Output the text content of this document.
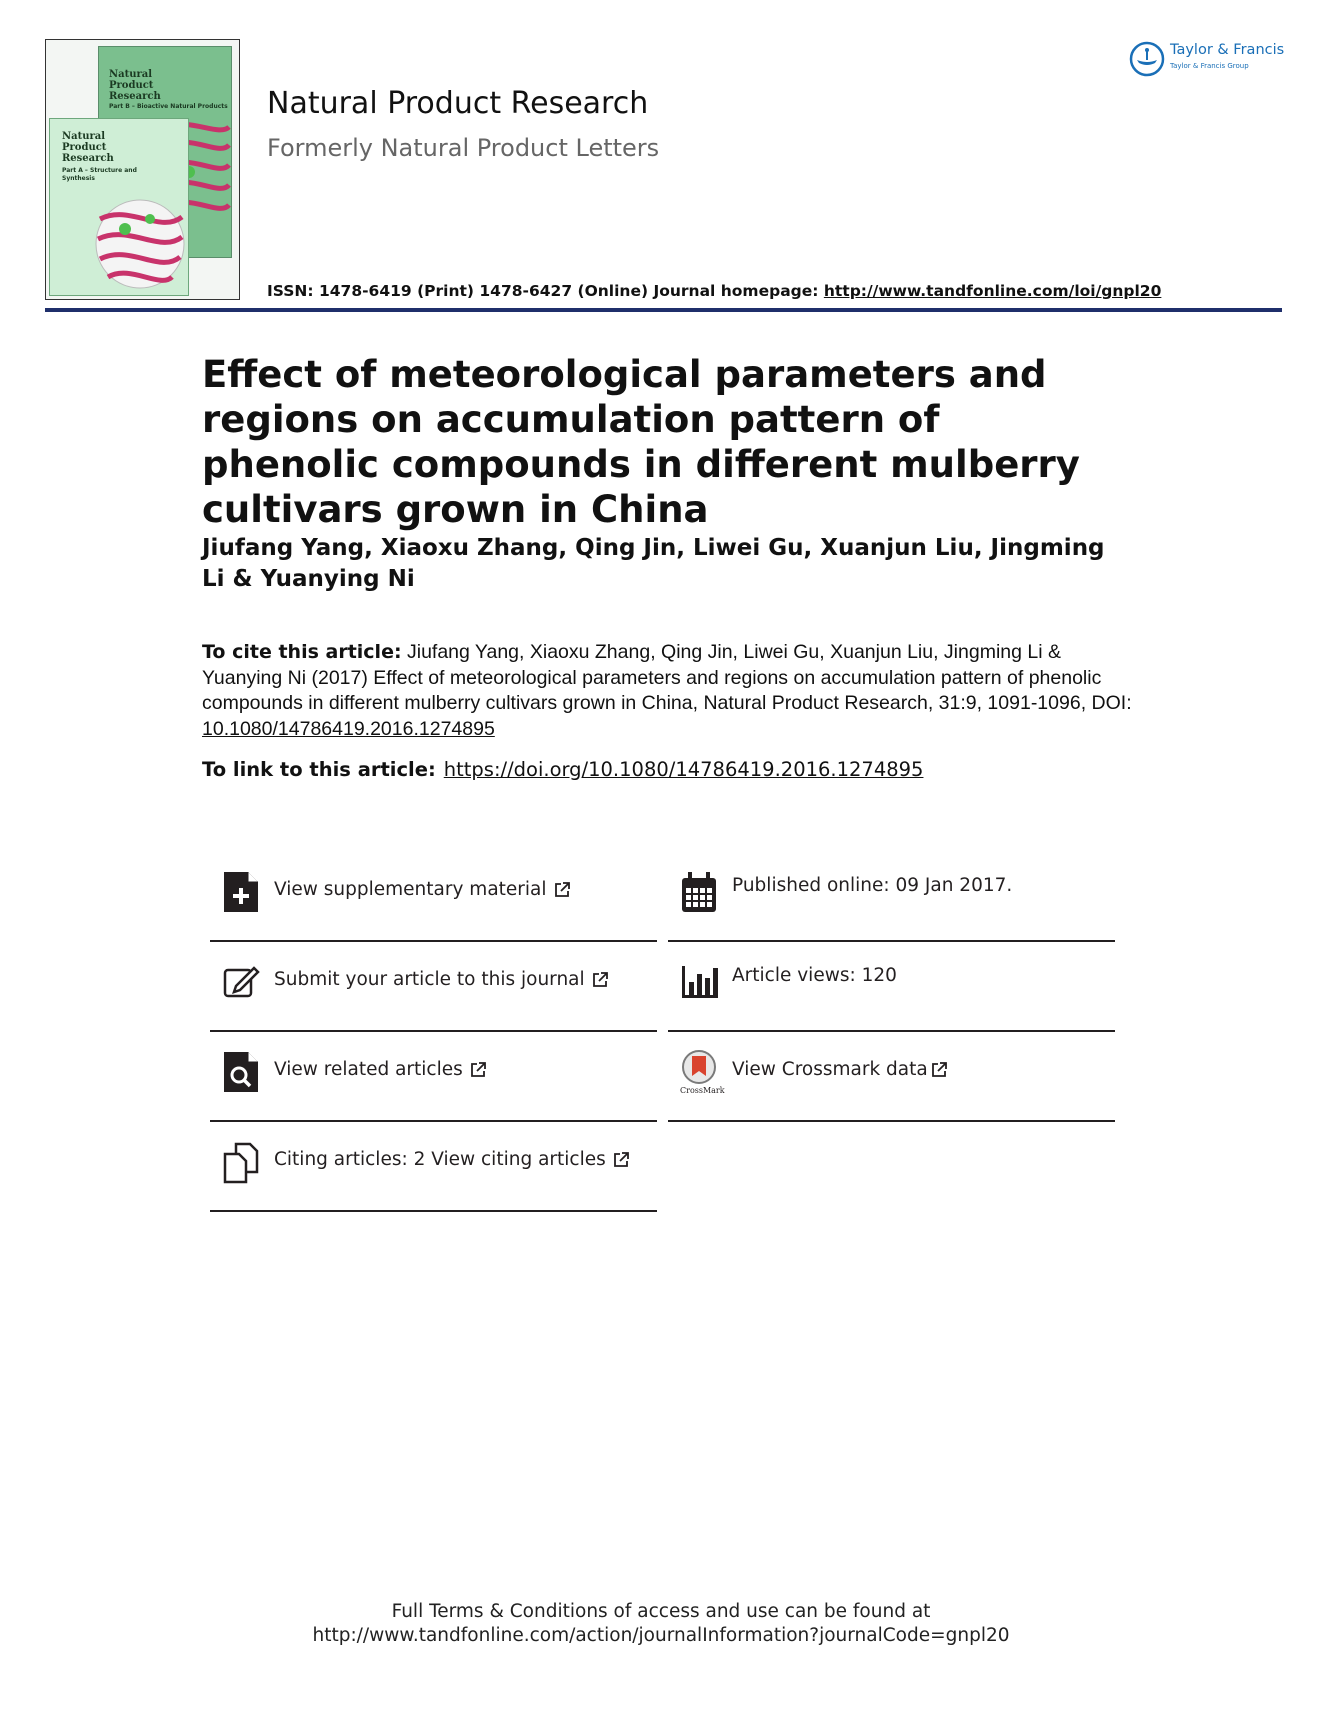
Natural Product Research
Part B – Bioactive Natural Products
Natural Product Research
Part A – Structure and Synthesis
Natural Product Research
Formerly Natural Product Letters
ISSN: 1478-6419 (Print) 1478-6427 (Online) Journal homepage: http://www.tandfonline.com/loi/gnpl20
Taylor & Francis
Taylor & Francis Group
Effect of meteorological parameters and regions on accumulation pattern of phenolic compounds in different mulberry cultivars grown in China
Jiufang Yang, Xiaoxu Zhang, Qing Jin, Liwei Gu, Xuanjun Liu, Jingming Li & Yuanying Ni
To cite this article: Jiufang Yang, Xiaoxu Zhang, Qing Jin, Liwei Gu, Xuanjun Liu, Jingming Li & Yuanying Ni (2017) Effect of meteorological parameters and regions on accumulation pattern of phenolic compounds in different mulberry cultivars grown in China, Natural Product Research, 31:9, 1091-1096, DOI: 10.1080/14786419.2016.1274895
To link to this article: https://doi.org/10.1080/14786419.2016.1274895
View supplementary material
Submit your article to this journal
View related articles
Citing articles: 2 View citing articles
Published online: 09 Jan 2017.
Article views: 120
CrossMark
View Crossmark data
Full Terms & Conditions of access and use can be found at
http://www.tandfonline.com/action/journalInformation?journalCode=gnpl20
